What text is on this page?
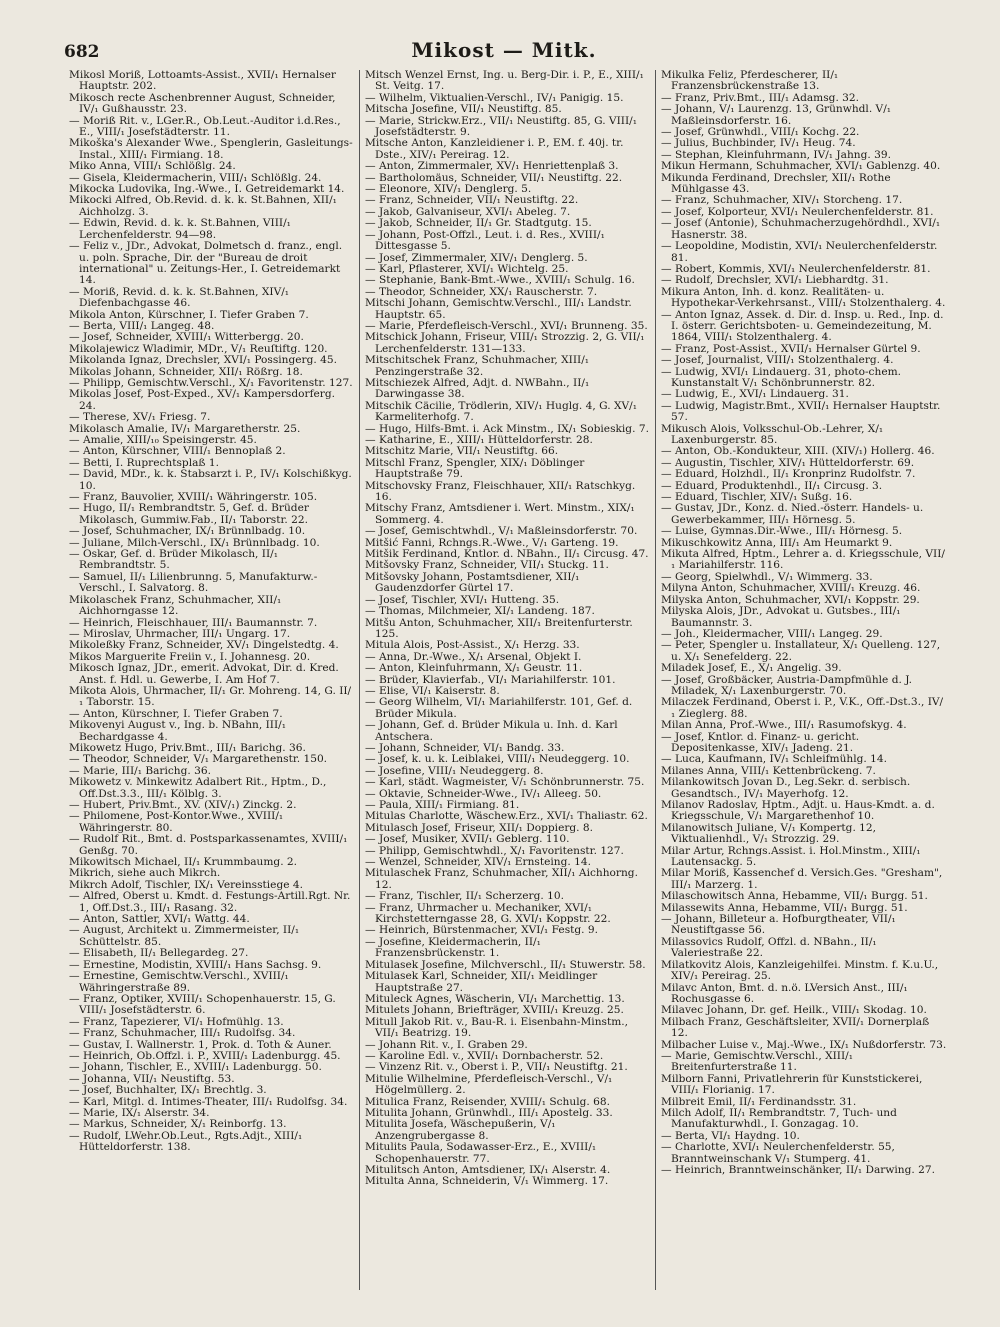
682	Mikost — Mitk.

Mikosl Moriß, Lottoamts-Assist., XVII/₁ Hernalser Hauptstr. 202.

Mikosch recte Aschenbrenner August, Schneider, IV/₁ Gußhausstr. 23.

— Moriß Rit. v., LGer.R., Ob.Leut.-Auditor i.d.Res., E., VIII/₁ Josefstädterstr. 11.

Mikoška's Alexander Wwe., Spenglerin, Gasleitungs-Instal., XIII/₁ Firmiang. 18.

Miko Anna, VIII/₁ Schlößlg. 24.

— Gisela, Kleidermacherin, VIII/₁ Schlößlg. 24.

Mikocka Ludovika, Ing.-Wwe., I. Getreidemarkt 14.

Mikocki Alfred, Ob.Revid. d. k. k. St.Bahnen, XII/₁ Aichholzg. 3.

— Edwin, Revid. d. k. k. St.Bahnen, VIII/₁ Lerchenfelderstr. 94—98.

— Feliz v., JDr., Advokat, Dolmetsch d. franz., engl. u. poln. Sprache, Dir. der "Bureau de droit international" u. Zeitungs-Her., I. Getreidemarkt 14.

— Moriß, Revid. d. k. k. St.Bahnen, XIV/₁ Diefenbachgasse 46.

Mikola Anton, Kürschner, I. Tiefer Graben 7.

— Berta, VIII/₁ Langeg. 48.

— Josef, Schneider, XVIII/₁ Witterbergg. 20.

Mikolajewicz Wladimir, MDr., V/₁ Reuſtiftg. 120.

Mikolanda Ignaz, Drechsler, XVI/₁ Possingerg. 45.

Mikolas Johann, Schneider, XII/₁ Rößrg. 18.

— Philipp, Gemischtw.Verschl., X/₁ Favoritenstr. 127.

Mikolas Josef, Post-Exped., XV/₁ Kampersdorferg. 24.

— Therese, XV/₁ Friesg. 7.

Mikolasch Amalie, IV/₁ Margaretherstr. 25.

— Amalie, XIII/₁₀ Speisingerstr. 45.

— Anton, Kürschner, VIII/₁ Bennoplaß 2.

— Betti, I. Ruprechtsplaß 1.

— David, MDr., k. k. Stabsarzt i. P., IV/₁ Kolschißkyg. 10.

— Franz, Bauvolier, XVIII/₁ Währingerstr. 105.

— Hugo, II/₁ Rembrandtstr. 5, Gef. d. Brüder Mikolasch, Gummiw.Fab., II/₁ Taborstr. 22.

— Josef, Schuhmacher, IX/₁ Brünnlbadg. 10.

— Juliane, Milch-Verschl., IX/₁ Brünnlbadg. 10.

— Oskar, Gef. d. Brüder Mikolasch, II/₁ Rembrandtstr. 5.

— Samuel, II/₁ Lilienbrunng. 5, Manufakturw.-Verschl., I. Salvatorg. 8.

Mikolaschek Franz, Schuhmacher, XII/₁ Aichhorngasse 12.

— Heinrich, Fleischhauer, III/₁ Baumannstr. 7.

— Miroslav, Uhrmacher, III/₁ Ungarg. 17.

Mikoleßky Franz, Schneider, XV/₁ Dingelstedtg. 4.

Mikos Marguerite Freiin v., I. Johannesg. 20.

Mikosch Ignaz, JDr., emerit. Advokat, Dir. d. Kred. Anst. f. Hdl. u. Gewerbe, I. Am Hof 7.

Mikota Alois, Uhrmacher, II/₁ Gr. Mohreng. 14, G. II/₁ Taborstr. 15.

— Anton, Kürschner, I. Tiefer Graben 7.

Mikovenyi August v., Ing. b. NBahn, III/₁ Bechardgasse 4.

Mikowetz Hugo, Priv.Bmt., III/₁ Barichg. 36.

— Theodor, Schneider, V/₁ Margarethenstr. 150.

— Marie, III/₁ Barichg. 36.

Mikowetz v. Minkewitz Adalbert Rit., Hptm., D., Off.Dst.3.3., III/₁ Kölblg. 3.

— Hubert, Priv.Bmt., XV. (XIV/₁) Zinckg. 2.

— Philomene, Post-Kontor.Wwe., XVIII/₁ Währingerstr. 80.

— Rudolf Rit., Bmt. d. Postsparkassenamtes, XVIII/₁ Genßg. 70.

Mikowitsch Michael, II/₁ Krummbaumg. 2.

Mikrich, siehe auch Mikrch.

Mikrch Adolf, Tischler, IX/₁ Vereinsstiege 4.

— Alfred, Oberst u. Kmdt. d. Festungs-Artill.Rgt. Nr. 1, Off.Dst.3., III/₁ Rasang. 32.

— Anton, Sattler, XVI/₁ Wattg. 44.

— August, Architekt u. Zimmermeister, II/₁ Schüttelstr. 85.

— Elisabeth, II/₁ Bellegardeg. 27.

— Ernestine, Modistin, XVIII/₁ Hans Sachsg. 9.

— Ernestine, Gemischtw.Verschl., XVIII/₁ Währingerstraße 89.

— Franz, Optiker, XVIII/₁ Schopenhauerstr. 15, G. VIII/₁ Josefstädterstr. 6.

— Franz, Tapezierer, VI/₁ Hofmühlg. 13.

— Franz, Schuhmacher, III/₁ Rudolfsg. 34.

— Gustav, I. Wallnerstr. 1, Prok. d. Toth & Auner.

— Heinrich, Ob.Offzl. i. P., XVIII/₁ Ladenburgg. 45.

— Johann, Tischler, E., XVIII/₁ Ladenburgg. 50.

— Johanna, VII/₁ Neustiftg. 53.

— Josef, Buchhalter, IX/₁ Brechtlg. 3.

— Karl, Mitgl. d. Intimes-Theater, III/₁ Rudolfsg. 34.

— Marie, IX/₁ Alserstr. 34.

— Markus, Schneider, X/₁ Reinborfg. 13.

— Rudolf, LWehr.Ob.Leut., Rgts.Adjt., XIII/₁ Hütteldorferstr. 138.

Mitsch Wenzel Ernst, Ing. u. Berg-Dir. i. P., E., XIII/₁ St. Veitg. 17.

— Wilhelm, Viktualien-Verschl., IV/₁ Panigig. 15.

Mitscha Josefine, VII/₁ Neustiftg. 85.

— Marie, Strickw.Erz., VII/₁ Neustiftg. 85, G. VIII/₁ Josefstädterstr. 9.

Mitsche Anton, Kanzleidiener i. P., EM. f. 40j. tr. Dste., XIV/₁ Pereirag. 12.

— Anton, Zimmermaler, XV/₁ Henriettenplaß 3.

— Bartholomäus, Schneider, VII/₁ Neustiftg. 22.

— Eleonore, XIV/₁ Denglerg. 5.

— Franz, Schneider, VII/₁ Neustiftg. 22.

— Jakob, Galvaniseur, XVI/₁ Abeleg. 7.

— Jakob, Schneider, II/₁ Gr. Stadtgutg. 15.

— Johann, Post-Offzl., Leut. i. d. Res., XVIII/₁ Dittesgasse 5.

— Josef, Zimmermaler, XIV/₁ Denglerg. 5.

— Karl, Pflasterer, XVI/₁ Wichtelg. 25.

— Stephanie, Bank-Bmt.-Wwe., XVIII/₁ Schulg. 16.

— Theodor, Schneider, XX/₁ Rauscherstr. 7.

Mitschi Johann, Gemischtw.Verschl., III/₁ Landstr. Hauptstr. 65.

— Marie, Pferdefleisch-Verschl., XVI/₁ Brunneng. 35.

Mitschick Johann, Friseur, VIII/₁ Strozzig. 2, G. VII/₁ Lerchenfelderstr. 131—133.

Mitschitschek Franz, Schuhmacher, XIII/₁ Penzingerstraße 32.

Mitschiezek Alfred, Adjt. d. NWBahn., II/₁ Darwingasse 38.

Mitschik Cäcilie, Trödlerin, XIV/₁ Huglg. 4, G. XV/₁ Karmeliterhofg. 7.

— Hugo, Hilfs-Bmt. i. Ack Minstm., IX/₁ Sobieskig. 7.

— Katharine, E., XIII/₁ Hütteldorferstr. 28.

Mitschitz Marie, VII/₁ Neustiftg. 66.

Mitschl Franz, Spengler, XIX/₁ Döblinger Hauptstraße 79.

Mitschovsky Franz, Fleischhauer, XII/₁ Ratschkyg. 16.

Mitschy Franz, Amtsdiener i. Wert. Minstm., XIX/₁ Sommerg. 4.

— Josef, Gemischtwhdl., V/₁ Maßleinsdorferstr. 70.

Mitšić Fanni, Rchngs.R.-Wwe., V/₁ Garteng. 19.

Mitšik Ferdinand, Kntlor. d. NBahn., II/₁ Circusg. 47.

Mitšovsky Franz, Schneider, VII/₁ Stuckg. 11.

Mitšovsky Johann, Postamtsdiener, XII/₁ Gaudenzdorfer Gürtel 17.

— Josef, Tischler, XVI/₁ Hutteng. 35.

— Thomas, Milchmeier, XI/₁ Landeng. 187.

Mitšu Anton, Schuhmacher, XII/₁ Breitenfurterstr. 125.

Mitula Alois, Post-Assist., X/₁ Herzg. 33.

— Anna, Dr.-Wwe., X/₁ Arsenal, Objekt I.

— Anton, Kleinfuhrmann, X/₁ Geustr. 11.

— Brüder, Klavierfab., VI/₁ Mariahilferstr. 101.

— Elise, VI/₁ Kaiserstr. 8.

— Georg Wilhelm, VI/₁ Mariahilferstr. 101, Gef. d. Brüder Mikula.

— Johann, Gef. d. Brüder Mikula u. Inh. d. Karl Antschera.

— Johann, Schneider, VI/₁ Bandg. 33.

— Josef, k. u. k. Leiblakei, VIII/₁ Neudeggerg. 10.

— Josefine, VIII/₁ Neudeggerg. 8.

— Karl, städt. Wagmeister, V/₁ Schönbrunnerstr. 75.

— Oktavie, Schneider-Wwe., IV/₁ Alleeg. 50.

— Paula, XIII/₁ Firmiang. 81.

Mitulas Charlotte, Wäschew.Erz., XVI/₁ Thaliastr. 62.

Mitulasch Josef, Friseur, XII/₁ Doppierg. 8.

— Josef, Musiker, XVII/₁ Geblerg. 110.

— Philipp, Gemischtwhdl., X/₁ Favoritenstr. 127.

— Wenzel, Schneider, XIV/₁ Ernsteing. 14.

Mitulaschek Franz, Schuhmacher, XII/₁ Aichhorng. 12.

— Franz, Tischler, II/₁ Scherzerg. 10.

— Franz, Uhrmacher u. Mechaniker, XVI/₁ Kirchstetterngasse 28, G. XVI/₁ Koppstr. 22.

— Heinrich, Bürstenmacher, XVI/₁ Festg. 9.

— Josefine, Kleidermacherin, II/₁ Franzensbrückenstr. 1.

Mitulasek Josefine, Milchverschl., II/₁ Stuwerstr. 58.

Mitulasek Karl, Schneider, XII/₁ Meidlinger Hauptstraße 27.

Mituleck Agnes, Wäscherin, VI/₁ Marchettig. 13.

Mitulets Johann, Briefträger, XVIII/₁ Kreuzg. 25.

Mitull Jakob Rit. v., Bau-R. i. Eisenbahn-Minstm., VII/₁ Beatrizg. 19.

— Johann Rit. v., I. Graben 29.

— Karoline Edl. v., XVII/₁ Dornbacherstr. 52.

— Vinzenz Rit. v., Oberst i. P., VII/₁ Neustiftg. 21.

Mitulie Wilhelmine, Pferdefleisch-Verschl., V/₁ Högelmüllerg. 2.

Mitulica Franz, Reisender, XVIII/₁ Schulg. 68.

Mitulita Johann, Grünwhdl., III/₁ Apostelg. 33.

Mitulita Josefa, Wäschepußerin, V/₁ Anzengrubergasse 8.

Mitulits Paula, Sodawasser-Erz., E., XVIII/₁ Schopenhauerstr. 77.

Mitulitsch Anton, Amtsdiener, IX/₁ Alserstr. 4.

Mitulta Anna, Schneiderin, V/₁ Wimmerg. 17.

Mikulka Feliz, Pferdescherer, II/₁ Franzensbrückenstraße 13.

— Franz, Priv.Bmt., III/₁ Adamsg. 32.

— Johann, V/₁ Laurenzg. 13, Grünwhdl. V/₁ Maßleinsdorferstr. 16.

— Josef, Grünwhdl., VIII/₁ Kochg. 22.

— Julius, Buchbinder, IV/₁ Heug. 74.

— Stephan, Kleinfuhrmann, IV/₁ Jahng. 39.

Mikun Hermann, Schuhmacher, XVI/₁ Gablenzg. 40.

Mikunda Ferdinand, Drechsler, XII/₁ Rothe Mühlgasse 43.

— Franz, Schuhmacher, XIV/₁ Storcheng. 17.

— Josef, Kolporteur, XVI/₁ Neulerchenfelderstr. 81.

— Josef (Antonie), Schuhmacherzugehördhdl., XVI/₁ Hasnerstr. 38.

— Leopoldine, Modistin, XVI/₁ Neulerchenfelderstr. 81.

— Robert, Kommis, XVI/₁ Neulerchenfelderstr. 81.

— Rudolf, Drechsler, XVI/₁ Liebhardtg. 31.

Mikura Anton, Inh. d. konz. Realitäten- u. Hypothekar-Verkehrsanst., VIII/₁ Stolzenthalerg. 4.

— Anton Ignaz, Assek. d. Dir. d. Insp. u. Red., Inp. d. I. österr. Gerichtsboten- u. Gemeindezeitung, M. 1864, VIII/₁ Stolzenthalerg. 4.

— Franz, Post-Assist., XVII/₁ Hernalser Gürtel 9.

— Josef, Journalist, VIII/₁ Stolzenthalerg. 4.

— Ludwig, XVI/₁ Lindauerg. 31, photo-chem. Kunstanstalt V/₁ Schönbrunnerstr. 82.

— Ludwig, E., XVI/₁ Lindauerg. 31.

— Ludwig, Magistr.Bmt., XVII/₁ Hernalser Hauptstr. 57.

Mikusch Alois, Volksschul-Ob.-Lehrer, X/₁ Laxenburgerstr. 85.

— Anton, Ob.-Kondukteur, XIII. (XIV/₁) Hollerg. 46.

— Augustin, Tischler, XIV/₁ Hütteldorferstr. 69.

— Eduard, Holzhdl., II/₁ Kronprinz Rudolfstr. 7.

— Eduard, Produktenhdl., II/₁ Circusg. 3.

— Eduard, Tischler, XIV/₁ Sußg. 16.

— Gustav, JDr., Konz. d. Nied.-österr. Handels- u. Gewerbekammer, III/₁ Hörnesg. 5.

— Luise, Gymnas.Dir.-Wwe., III/₁ Hörnesg. 5.

Mikuschkowitz Anna, III/₁ Am Heumarkt 9.

Mikuta Alfred, Hptm., Lehrer a. d. Kriegsschule, VII/₁ Mariahilferstr. 116.

— Georg, Spielwhdl., V/₁ Wimmerg. 33.

Milyna Anton, Schuhmacher, XVIII/₁ Kreuzg. 46.

Milyska Anton, Schuhmacher, XVI/₁ Koppstr. 29.

Milyska Alois, JDr., Advokat u. Gutsbes., III/₁ Baumannstr. 3.

— Joh., Kleidermacher, VIII/₁ Langeg. 29.

— Peter, Spengler u. Installateur, X/₁ Quelleng. 127, u. X/₁ Senefelderg. 22.

Miladek Josef, E., X/₁ Angelig. 39.

— Josef, Großbäcker, Austria-Dampfmühle d. J. Miladek, X/₁ Laxenburgerstr. 70.

Milaczek Ferdinand, Oberst i. P., V.K., Off.-Dst.3., IV/₁ Zieglerg. 88.

Milan Anna, Prof.-Wwe., III/₁ Rasumofskyg. 4.

— Josef, Kntlor. d. Finanz- u. gericht. Depositenkasse, XIV/₁ Jadeng. 21.

— Luca, Kaufmann, IV/₁ Schleifmühlg. 14.

Milanes Anna, VIII/₁ Kettenbrückeng. 7.

Milankowitsch Jovan D., Leg.Sekr. d. serbisch. Gesandtsch., IV/₁ Mayerhofg. 12.

Milanov Radoslav, Hptm., Adjt. u. Haus-Kmdt. a. d. Kriegsschule, V/₁ Margarethenhof 10.

Milanowitsch Juliane, V/₁ Kompertg. 12, Viktualienhdl., V/₁ Strozzig. 29.

Milar Artur, Rchngs.Assist. i. Hol.Minstm., XIII/₁ Lautensackg. 5.

Milar Moriß, Kassenchef d. Versich.Ges. "Gresham", III/₁ Marzerg. 1.

Milaschowitsch Anna, Hebamme, VII/₁ Burgg. 51.

Milassewits Anna, Hebamme, VII/₁ Burgg. 51.

— Johann, Billeteur a. Hofburgtheater, VII/₁ Neustiftgasse 56.

Milassovics Rudolf, Offzl. d. NBahn., II/₁ Valeriestraße 22.

Milatkovitz Alois, Kanzleigehilfei. Minstm. f. K.u.U., XIV/₁ Pereirag. 25.

Milavc Anton, Bmt. d. n.ö. LVersich Anst., III/₁ Rochusgasse 6.

Milavec Johann, Dr. gef. Heilk., VIII/₁ Skodag. 10.

Milbach Franz, Geschäftsleiter, XVII/₁ Dornerplaß 12.

Milbacher Luise v., Maj.-Wwe., IX/₁ Nußdorferstr. 73.

— Marie, Gemischtw.Verschl., XIII/₁ Breitenfurterstraße 11.

Milborn Fanni, Privatlehrerin für Kunststickerei, VIII/₁ Florianig. 17.

Milbreit Emil, II/₁ Ferdinandsstr. 31.

Milch Adolf, II/₁ Rembrandtstr. 7, Tuch- und Manufakturwhdl., I. Gonzagag. 10.

— Berta, VI/₁ Haydng. 10.

— Charlotte, XVI/₁ Neulerchenfelderstr. 55, Branntweinschank V/₁ Stumperg. 41.

— Heinrich, Branntweinschänker, II/₁ Darwing. 27.
